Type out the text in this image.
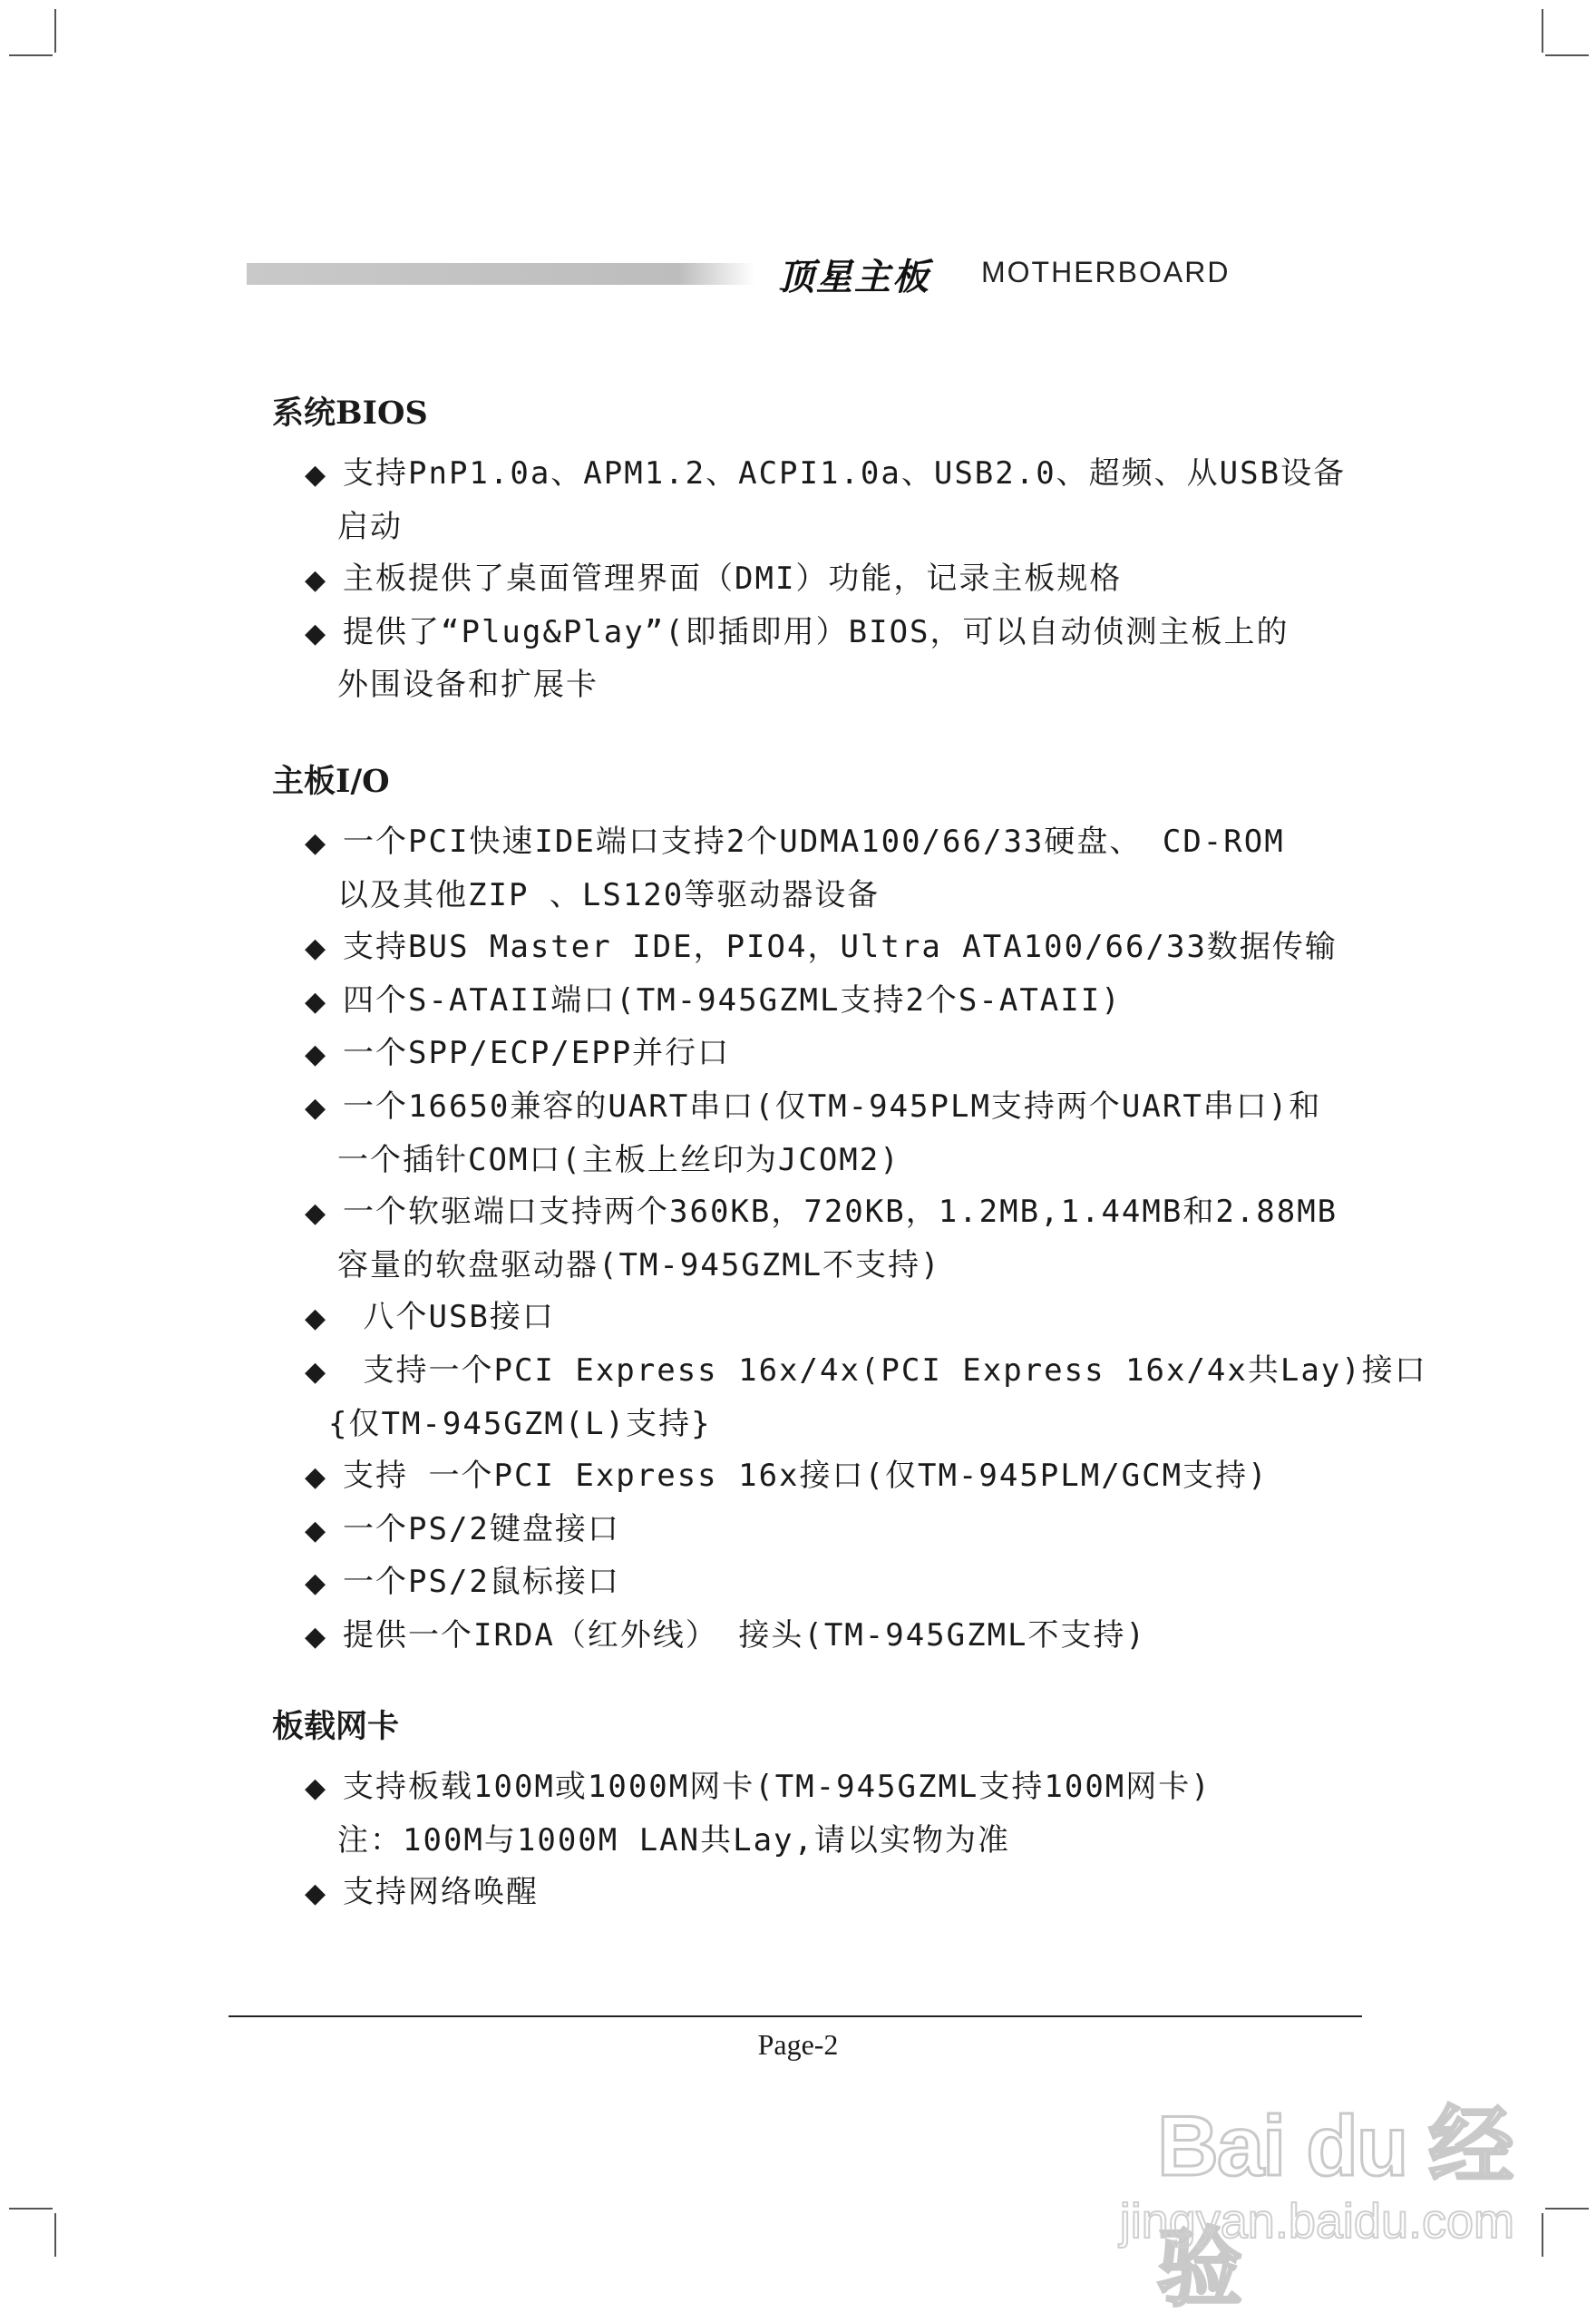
顶星主板 MOTHERBOARD
系统BIOS
◆ 支持PnP1.0a、APM1.2、ACPI1.0a、USB2.0、超频、从USB设备
启动
◆ 主板提供了桌面管理界面（DMI）功能，记录主板规格
◆ 提供了“Plug&Play”(即插即用）BIOS，可以自动侦测主板上的
外围设备和扩展卡
主板I/O
◆ 一个PCI快速IDE端口支持2个UDMA100/66/33硬盘、 CD-ROM
以及其他ZIP 、LS120等驱动器设备
◆ 支持BUS Master IDE，PIO4，Ultra ATA100/66/33数据传输
◆ 四个S-ATAII端口(TM-945GZML支持2个S-ATAII)
◆ 一个SPP/ECP/EPP并行口
◆ 一个16650兼容的UART串口(仅TM-945PLM支持两个UART串口)和
一个插针COM口(主板上丝印为JCOM2)
◆ 一个软驱端口支持两个360KB，720KB，1.2MB,1.44MB和2.88MB
容量的软盘驱动器(TM-945GZML不支持)
◆ 八个USB接口
◆ 支持一个PCI Express 16x/4x(PCI Express 16x/4x共Lay)接口
{仅TM-945GZM(L)支持}
◆ 支持 一个PCI Express 16x接口(仅TM-945PLM/GCM支持)
◆ 一个PS/2键盘接口
◆ 一个PS/2鼠标接口
◆ 提供一个IRDA（红外线） 接头(TM-945GZML不支持)
板载网卡
◆ 支持板载100M或1000M网卡(TM-945GZML支持100M网卡)
注：100M与1000M LAN共Lay,请以实物为准
◆ 支持网络唤醒
Page-2
Bai du 经验
jingyan.baidu.com
